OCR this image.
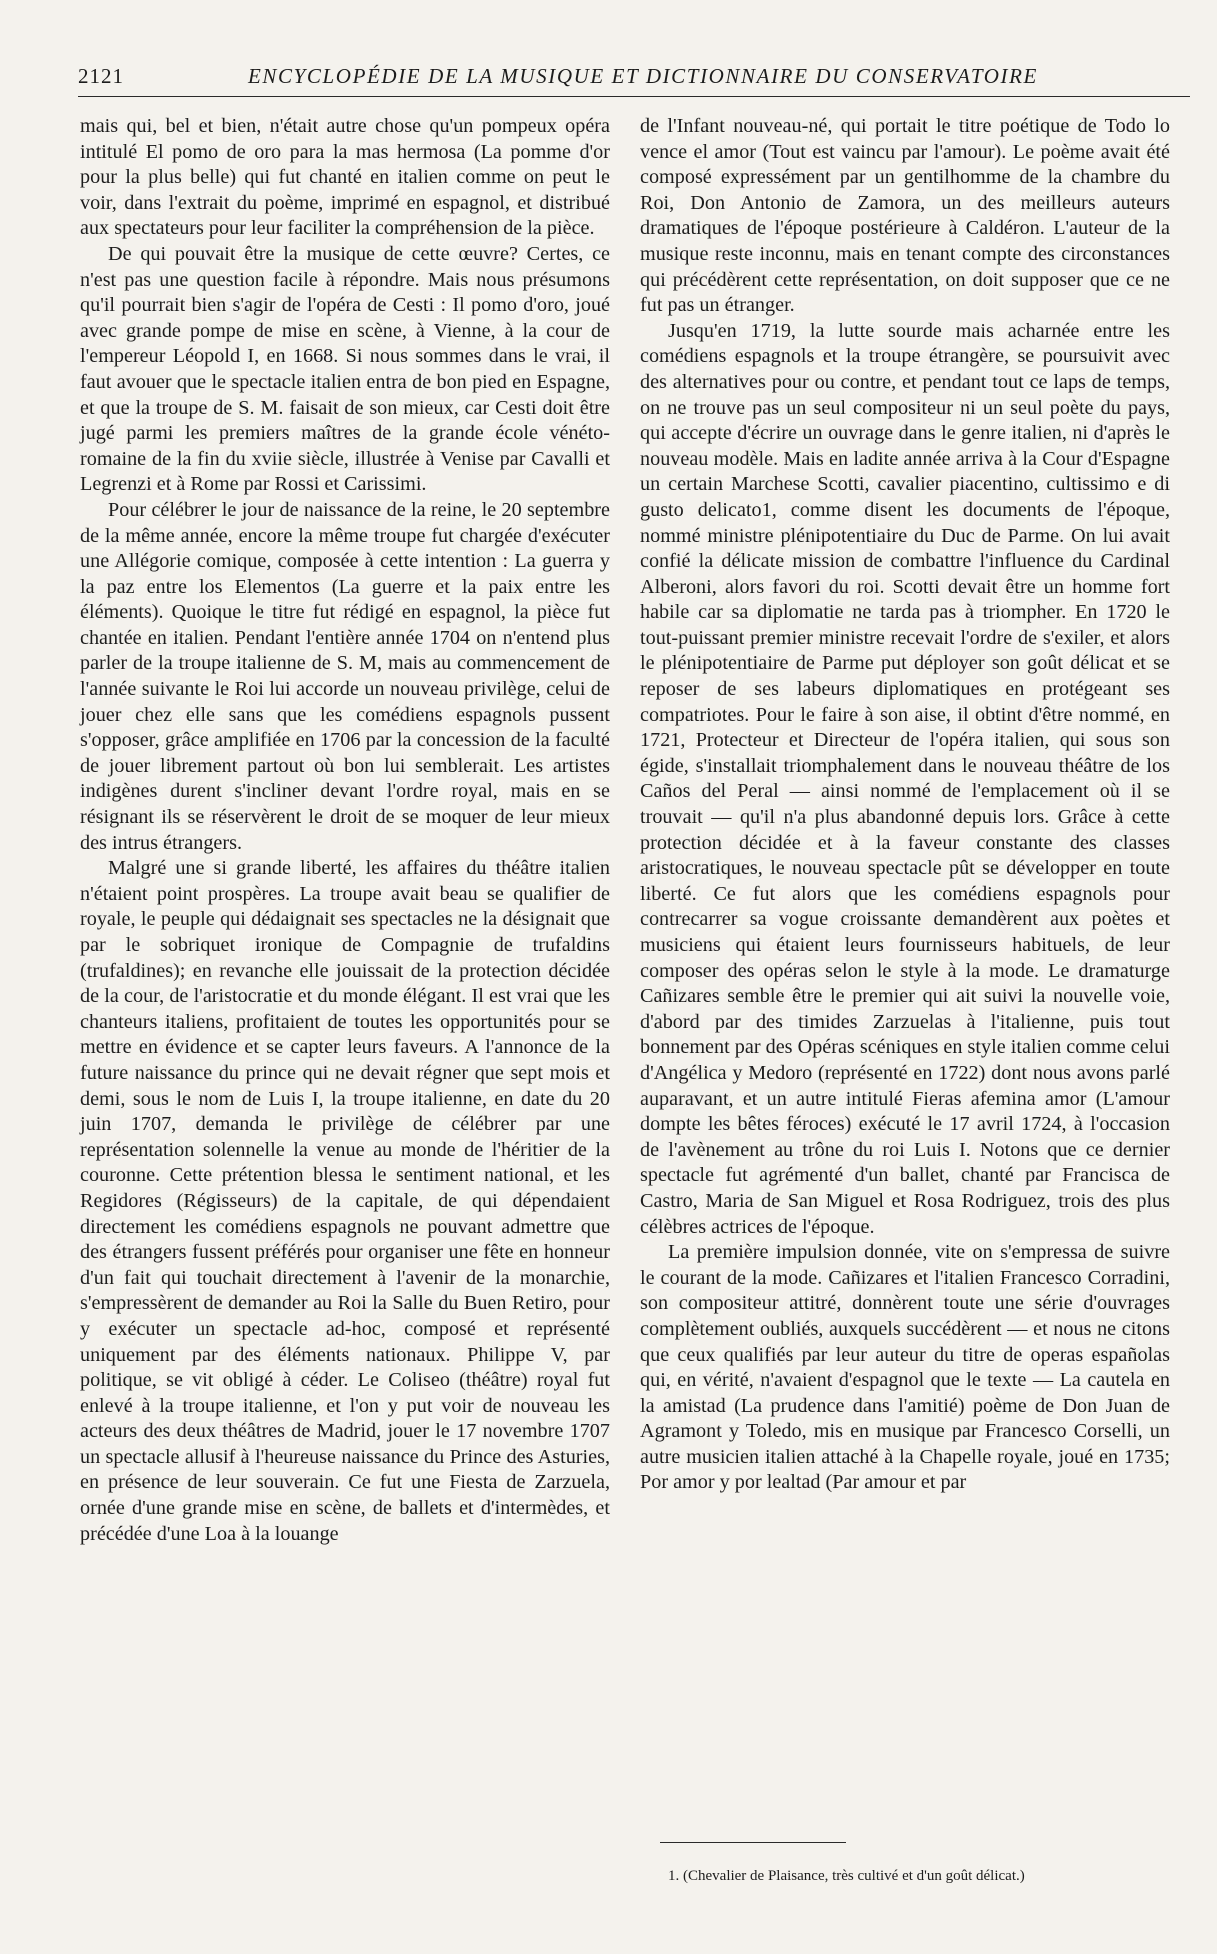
2121	ENCYCLOPÉDIE DE LA MUSIQUE ET DICTIONNAIRE DU CONSERVATOIRE

mais qui, bel et bien, n'était autre chose qu'un pompeux opéra intitulé El pomo de oro para la mas hermosa (La pomme d'or pour la plus belle) qui fut chanté en italien comme on peut le voir, dans l'extrait du poème, imprimé en espagnol, et distribué aux spectateurs pour leur faciliter la compréhension de la pièce.

De qui pouvait être la musique de cette œuvre? Certes, ce n'est pas une question facile à répondre. Mais nous présumons qu'il pourrait bien s'agir de l'opéra de Cesti : Il pomo d'oro, joué avec grande pompe de mise en scène, à Vienne, à la cour de l'empereur Léopold I, en 1668. Si nous sommes dans le vrai, il faut avouer que le spectacle italien entra de bon pied en Espagne, et que la troupe de S. M. faisait de son mieux, car Cesti doit être jugé parmi les premiers maîtres de la grande école vénéto-romaine de la fin du xviie siècle, illustrée à Venise par Cavalli et Legrenzi et à Rome par Rossi et Carissimi.

Pour célébrer le jour de naissance de la reine, le 20 septembre de la même année, encore la même troupe fut chargée d'exécuter une Allégorie comique, composée à cette intention : La guerra y la paz entre los Elementos (La guerre et la paix entre les éléments). Quoique le titre fut rédigé en espagnol, la pièce fut chantée en italien. Pendant l'entière année 1704 on n'entend plus parler de la troupe italienne de S. M, mais au commencement de l'année suivante le Roi lui accorde un nouveau privilège, celui de jouer chez elle sans que les comédiens espagnols pussent s'opposer, grâce amplifiée en 1706 par la concession de la faculté de jouer librement partout où bon lui semblerait. Les artistes indigènes durent s'incliner devant l'ordre royal, mais en se résignant ils se réservèrent le droit de se moquer de leur mieux des intrus étrangers.

Malgré une si grande liberté, les affaires du théâtre italien n'étaient point prospères. La troupe avait beau se qualifier de royale, le peuple qui dédaignait ses spectacles ne la désignait que par le sobriquet ironique de Compagnie de trufaldins (trufaldines); en revanche elle jouissait de la protection décidée de la cour, de l'aristocratie et du monde élégant. Il est vrai que les chanteurs italiens, profitaient de toutes les opportunités pour se mettre en évidence et se capter leurs faveurs. A l'annonce de la future naissance du prince qui ne devait régner que sept mois et demi, sous le nom de Luis I, la troupe italienne, en date du 20 juin 1707, demanda le privilège de célébrer par une représentation solennelle la venue au monde de l'héritier de la couronne. Cette prétention blessa le sentiment national, et les Regidores (Régisseurs) de la capitale, de qui dépendaient directement les comédiens espagnols ne pouvant admettre que des étrangers fussent préférés pour organiser une fête en honneur d'un fait qui touchait directement à l'avenir de la monarchie, s'empressèrent de demander au Roi la Salle du Buen Retiro, pour y exécuter un spectacle ad-hoc, composé et représenté uniquement par des éléments nationaux. Philippe V, par politique, se vit obligé à céder. Le Coliseo (théâtre) royal fut enlevé à la troupe italienne, et l'on y put voir de nouveau les acteurs des deux théâtres de Madrid, jouer le 17 novembre 1707 un spectacle allusif à l'heureuse naissance du Prince des Asturies, en présence de leur souverain. Ce fut une Fiesta de Zarzuela, ornée d'une grande mise en scène, de ballets et d'intermèdes, et précédée d'une Loa à la louange

de l'Infant nouveau-né, qui portait le titre poétique de Todo lo vence el amor (Tout est vaincu par l'amour). Le poème avait été composé expressément par un gentilhomme de la chambre du Roi, Don Antonio de Zamora, un des meilleurs auteurs dramatiques de l'époque postérieure à Caldéron. L'auteur de la musique reste inconnu, mais en tenant compte des circonstances qui précédèrent cette représentation, on doit supposer que ce ne fut pas un étranger.

Jusqu'en 1719, la lutte sourde mais acharnée entre les comédiens espagnols et la troupe étrangère, se poursuivit avec des alternatives pour ou contre, et pendant tout ce laps de temps, on ne trouve pas un seul compositeur ni un seul poète du pays, qui accepte d'écrire un ouvrage dans le genre italien, ni d'après le nouveau modèle. Mais en ladite année arriva à la Cour d'Espagne un certain Marchese Scotti, cavalier piacentino, cultissimo e di gusto delicato1, comme disent les documents de l'époque, nommé ministre plénipotentiaire du Duc de Parme. On lui avait confié la délicate mission de combattre l'influence du Cardinal Alberoni, alors favori du roi. Scotti devait être un homme fort habile car sa diplomatie ne tarda pas à triompher. En 1720 le tout-puissant premier ministre recevait l'ordre de s'exiler, et alors le plénipotentiaire de Parme put déployer son goût délicat et se reposer de ses labeurs diplomatiques en protégeant ses compatriotes. Pour le faire à son aise, il obtint d'être nommé, en 1721, Protecteur et Directeur de l'opéra italien, qui sous son égide, s'installait triomphalement dans le nouveau théâtre de los Caños del Peral — ainsi nommé de l'emplacement où il se trouvait — qu'il n'a plus abandonné depuis lors. Grâce à cette protection décidée et à la faveur constante des classes aristocratiques, le nouveau spectacle pût se développer en toute liberté. Ce fut alors que les comédiens espagnols pour contrecarrer sa vogue croissante demandèrent aux poètes et musiciens qui étaient leurs fournisseurs habituels, de leur composer des opéras selon le style à la mode. Le dramaturge Cañizares semble être le premier qui ait suivi la nouvelle voie, d'abord par des timides Zarzuelas à l'italienne, puis tout bonnement par des Opéras scéniques en style italien comme celui d'Angélica y Medoro (représenté en 1722) dont nous avons parlé auparavant, et un autre intitulé Fieras afemina amor (L'amour dompte les bêtes féroces) exécuté le 17 avril 1724, à l'occasion de l'avènement au trône du roi Luis I. Notons que ce dernier spectacle fut agrémenté d'un ballet, chanté par Francisca de Castro, Maria de San Miguel et Rosa Rodriguez, trois des plus célèbres actrices de l'époque.

La première impulsion donnée, vite on s'empressa de suivre le courant de la mode. Cañizares et l'italien Francesco Corradini, son compositeur attitré, donnèrent toute une série d'ouvrages complètement oubliés, auxquels succédèrent — et nous ne citons que ceux qualifiés par leur auteur du titre de operas españolas qui, en vérité, n'avaient d'espagnol que le texte — La cautela en la amistad (La prudence dans l'amitié) poème de Don Juan de Agramont y Toledo, mis en musique par Francesco Corselli, un autre musicien italien attaché à la Chapelle royale, joué en 1735; Por amor y por lealtad (Par amour et par

1. (Chevalier de Plaisance, très cultivé et d'un goût délicat.)
